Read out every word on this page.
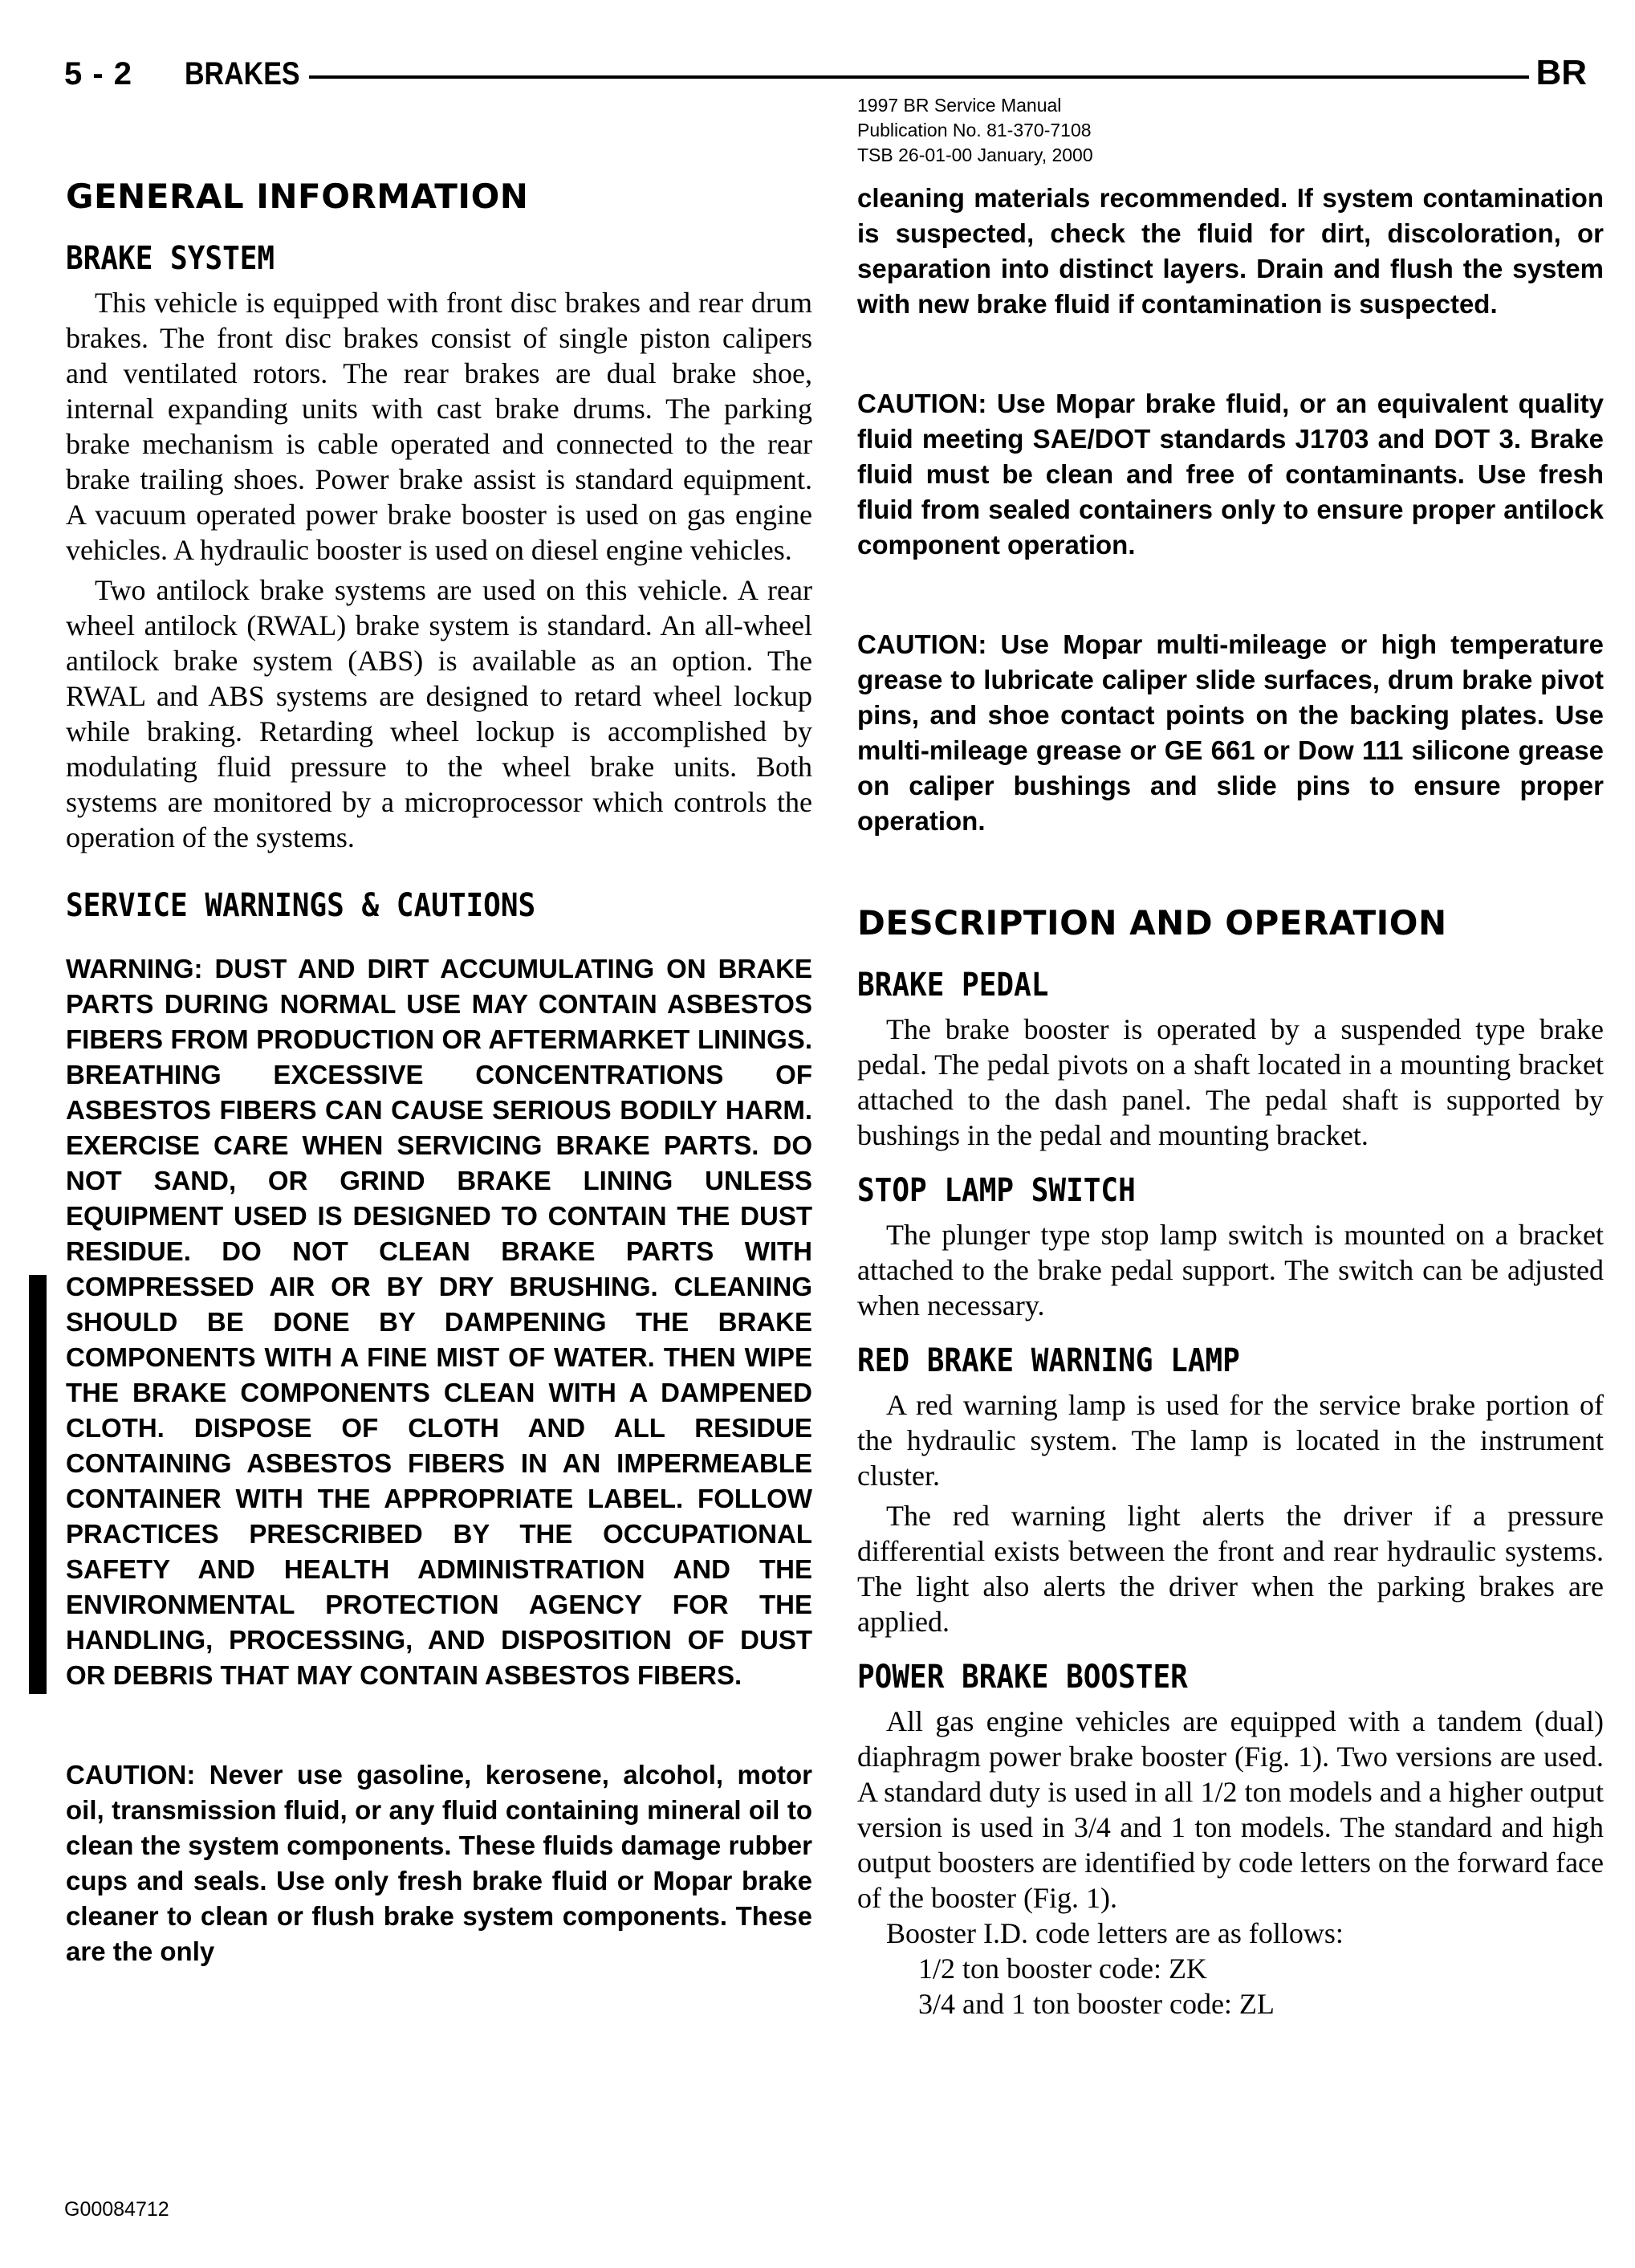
5 - 2 BRAKES	BR
1997 BR Service Manual
Publication No. 81-370-7108
TSB 26-01-00 January, 2000
GENERAL INFORMATION
BRAKE SYSTEM

This vehicle is equipped with front disc brakes and rear drum brakes. The front disc brakes consist of single piston calipers and ventilated rotors. The rear brakes are dual brake shoe, internal expanding units with cast brake drums. The parking brake mechanism is cable operated and connected to the rear brake trailing shoes. Power brake assist is standard equipment. A vacuum operated power brake booster is used on gas engine vehicles. A hydraulic booster is used on diesel engine vehicles.

Two antilock brake systems are used on this vehicle. A rear wheel antilock (RWAL) brake system is standard. An all-wheel antilock brake system (ABS) is available as an option. The RWAL and ABS systems are designed to retard wheel lockup while braking. Retarding wheel lockup is accomplished by modulating fluid pressure to the wheel brake units. Both systems are monitored by a microprocessor which controls the operation of the systems.

SERVICE WARNINGS & CAUTIONS

WARNING: DUST AND DIRT ACCUMULATING ON BRAKE PARTS DURING NORMAL USE MAY CONTAIN ASBESTOS FIBERS FROM PRODUCTION OR AFTERMARKET LININGS. BREATHING EXCESSIVE CONCENTRATIONS OF ASBESTOS FIBERS CAN CAUSE SERIOUS BODILY HARM. EXERCISE CARE WHEN SERVICING BRAKE PARTS. DO NOT SAND, OR GRIND BRAKE LINING UNLESS EQUIPMENT USED IS DESIGNED TO CONTAIN THE DUST RESIDUE. DO NOT CLEAN BRAKE PARTS WITH COMPRESSED AIR OR BY DRY BRUSHING. CLEANING SHOULD BE DONE BY DAMPENING THE BRAKE COMPONENTS WITH A FINE MIST OF WATER. THEN WIPE THE BRAKE COMPONENTS CLEAN WITH A DAMPENED CLOTH. DISPOSE OF CLOTH AND ALL RESIDUE CONTAINING ASBESTOS FIBERS IN AN IMPERMEABLE CONTAINER WITH THE APPROPRIATE LABEL. FOLLOW PRACTICES PRESCRIBED BY THE OCCUPATIONAL SAFETY AND HEALTH ADMINISTRATION AND THE ENVIRONMENTAL PROTECTION AGENCY FOR THE HANDLING, PROCESSING, AND DISPOSITION OF DUST OR DEBRIS THAT MAY CONTAIN ASBESTOS FIBERS.

CAUTION: Never use gasoline, kerosene, alcohol, motor oil, transmission fluid, or any fluid containing mineral oil to clean the system components. These fluids damage rubber cups and seals. Use only fresh brake fluid or Mopar brake cleaner to clean or flush brake system components. These are the only

cleaning materials recommended. If system contamination is suspected, check the fluid for dirt, discoloration, or separation into distinct layers. Drain and flush the system with new brake fluid if contamination is suspected.

CAUTION: Use Mopar brake fluid, or an equivalent quality fluid meeting SAE/DOT standards J1703 and DOT 3. Brake fluid must be clean and free of contaminants. Use fresh fluid from sealed containers only to ensure proper antilock component operation.

CAUTION: Use Mopar multi-mileage or high temperature grease to lubricate caliper slide surfaces, drum brake pivot pins, and shoe contact points on the backing plates. Use multi-mileage grease or GE 661 or Dow 111 silicone grease on caliper bushings and slide pins to ensure proper operation.

DESCRIPTION AND OPERATION
BRAKE PEDAL

The brake booster is operated by a suspended type brake pedal. The pedal pivots on a shaft located in a mounting bracket attached to the dash panel. The pedal shaft is supported by bushings in the pedal and mounting bracket.

STOP LAMP SWITCH

The plunger type stop lamp switch is mounted on a bracket attached to the brake pedal support. The switch can be adjusted when necessary.

RED BRAKE WARNING LAMP

A red warning lamp is used for the service brake portion of the hydraulic system. The lamp is located in the instrument cluster.

The red warning light alerts the driver if a pressure differential exists between the front and rear hydraulic systems. The light also alerts the driver when the parking brakes are applied.

POWER BRAKE BOOSTER

All gas engine vehicles are equipped with a tandem (dual) diaphragm power brake booster (Fig. 1). Two versions are used. A standard duty is used in all 1/2 ton models and a higher output version is used in 3/4 and 1 ton models. The standard and high output boosters are identified by code letters on the forward face of the booster (Fig. 1).

Booster I.D. code letters are as follows:

1/2 ton booster code: ZK

3/4 and 1 ton booster code: ZL

G00084712
